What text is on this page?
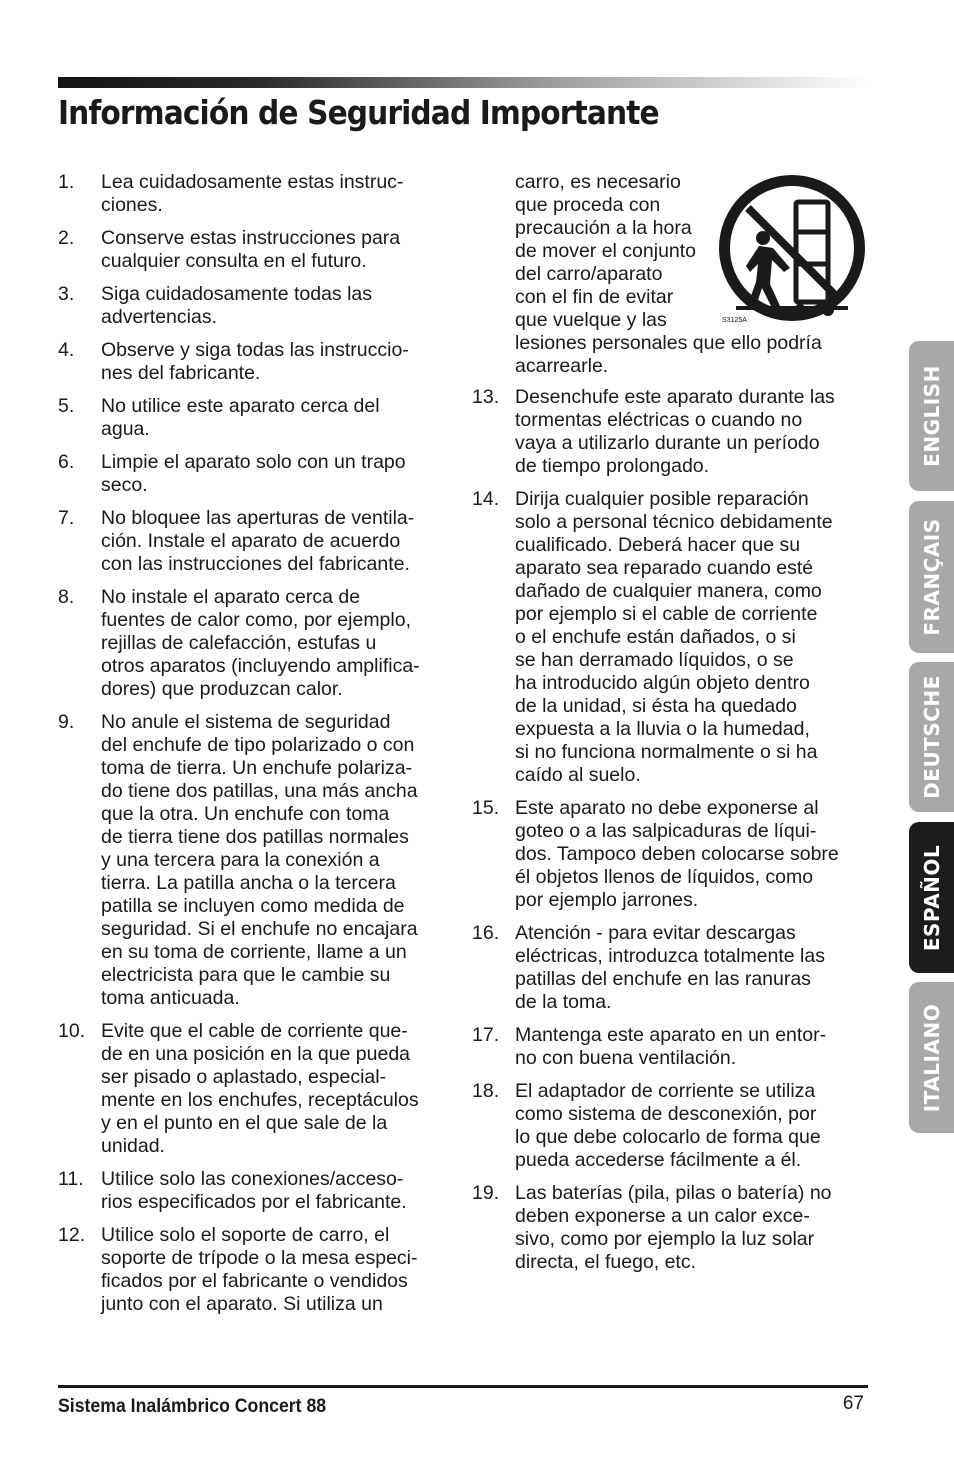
Información de Seguridad Importante
1. Lea cuidadosamente estas instruc-
ciones.
2. Conserve estas instrucciones para
cualquier consulta en el futuro.
3. Siga cuidadosamente todas las
advertencias.
4. Observe y siga todas las instruccio-
nes del fabricante.
5. No utilice este aparato cerca del
agua.
6. Limpie el aparato solo con un trapo
seco.
7. No bloquee las aperturas de ventila-
ción. Instale el aparato de acuerdo
con las instrucciones del fabricante.
8. No instale el aparato cerca de
fuentes de calor como, por ejemplo,
rejillas de calefacción, estufas u
otros aparatos (incluyendo amplifica-
dores) que produzcan calor.
9. No anule el sistema de seguridad
del enchufe de tipo polarizado o con
toma de tierra. Un enchufe polariza-
do tiene dos patillas, una más ancha
que la otra. Un enchufe con toma
de tierra tiene dos patillas normales
y una tercera para la conexión a
tierra. La patilla ancha o la tercera
patilla se incluyen como medida de
seguridad. Si el enchufe no encajara
en su toma de corriente, llame a un
electricista para que le cambie su
toma anticuada.
10. Evite que el cable de corriente que-
de en una posición en la que pueda
ser pisado o aplastado, especial-
mente en los enchufes, receptáculos
y en el punto en el que sale de la
unidad.
11. Utilice solo las conexiones/acceso-
rios especificados por el fabricante.
12. Utilice solo el soporte de carro, el
soporte de trípode o la mesa especi-
ficados por el fabricante o vendidos
junto con el aparato. Si utiliza un
carro, es necesario
que proceda con
precaución a la hora
de mover el conjunto
del carro/aparato
con el fin de evitar
que vuelque y las
lesiones personales que ello podría
acarrearle.
S3125A
13. Desenchufe este aparato durante las
tormentas eléctricas o cuando no
vaya a utilizarlo durante un período
de tiempo prolongado.
14. Dirija cualquier posible reparación
solo a personal técnico debidamente
cualificado. Deberá hacer que su
aparato sea reparado cuando esté
dañado de cualquier manera, como
por ejemplo si el cable de corriente
o el enchufe están dañados, o si
se han derramado líquidos, o se
ha introducido algún objeto dentro
de la unidad, si ésta ha quedado
expuesta a la lluvia o la humedad,
si no funciona normalmente o si ha
caído al suelo.
15. Este aparato no debe exponerse al
goteo o a las salpicaduras de líqui-
dos. Tampoco deben colocarse sobre
él objetos llenos de líquidos, como
por ejemplo jarrones.
16. Atención - para evitar descargas
eléctricas, introduzca totalmente las
patillas del enchufe en las ranuras
de la toma.
17. Mantenga este aparato en un entor-
no con buena ventilación.
18. El adaptador de corriente se utiliza
como sistema de desconexión, por
lo que debe colocarlo de forma que
pueda accederse fácilmente a él.
19. Las baterías (pila, pilas o batería) no
deben exponerse a un calor exce-
sivo, como por ejemplo la luz solar
directa, el fuego, etc.
ENGLISH
FRANÇAIS
DEUTSCHE
ESPAÑOL
ITALIANO
Sistema Inalámbrico Concert 88	67
